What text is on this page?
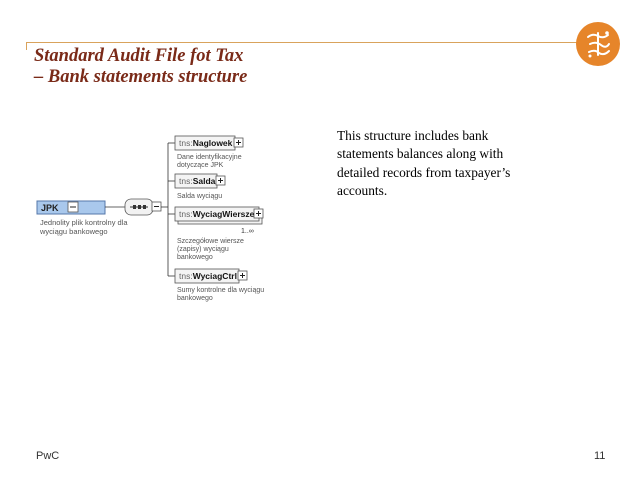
Standard Audit File fot Tax
– Bank statements structure
JPK
Jednolity plik kontrolny dla
wyciągu bankowego
tns:Naglowek
Dane identyfikacyjne
dotyczące JPK
tns:Salda
Salda wyciągu
tns:WyciagWiersze
1..∞
Szczegółowe wiersze
(zapisy) wyciągu
bankowego
tns:WyciagCtrl
Sumy kontrolne dla wyciągu
bankowego
This structure includes bank statements balances along with detailed records from taxpayer’s accounts.
PwC	11
